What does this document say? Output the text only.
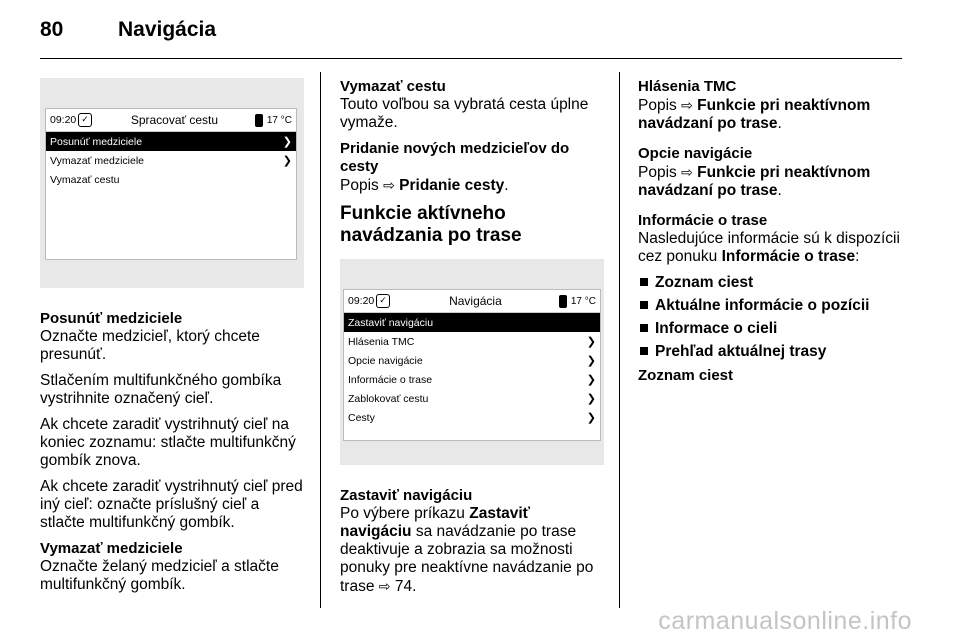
80	Navigácia
09:20 ✓	Spracovať cestu	17 °C
Posunúť medziciele	❯
Vymazať medziciele	❯
Vymazať cestu
Posunúť medziciele

Označte medzicieľ, ktorý chcete presunúť.

Stlačením multifunkčného gombíka vystrihnite označený cieľ.

Ak chcete zaradiť vystrihnutý cieľ na koniec zoznamu: stlačte multifunkčný gombík znova.

Ak chcete zaradiť vystrihnutý cieľ pred iný cieľ: označte príslušný cieľ a stlačte multifunkčný gombík.

Vymazať medziciele

Označte želaný medzicieľ a stlačte multifunkčný gombík.

Vymazať cestu

Touto voľbou sa vybratá cesta úplne vymaže.

Pridanie nových medzicieľov do cesty

Popis ⇨ Pridanie cesty.

Funkcie aktívneho navádzania po trase
09:20 ✓	Navigácia	17 °C
Zastaviť navigáciu
Hlásenia TMC	❯
Opcie navigácie	❯
Informácie o trase	❯
Zablokovať cestu	❯
Cesty	❯
Zastaviť navigáciu

Po výbere príkazu Zastaviť navigáciu sa navádzanie po trase deaktivuje a zobrazia sa možnosti ponuky pre neaktívne navádzanie po trase ⇨ 74.

Hlásenia TMC

Popis ⇨ Funkcie pri neaktívnom navádzaní po trase.

Opcie navigácie

Popis ⇨ Funkcie pri neaktívnom navádzaní po trase.

Informácie o trase

Nasledujúce informácie sú k dispozícii cez ponuku Informácie o trase:

Zoznam ciest
Aktuálne informácie o pozícii
Informace o cieli
Prehľad aktuálnej trasy
Zoznam ciest
carmanualsonline.info
